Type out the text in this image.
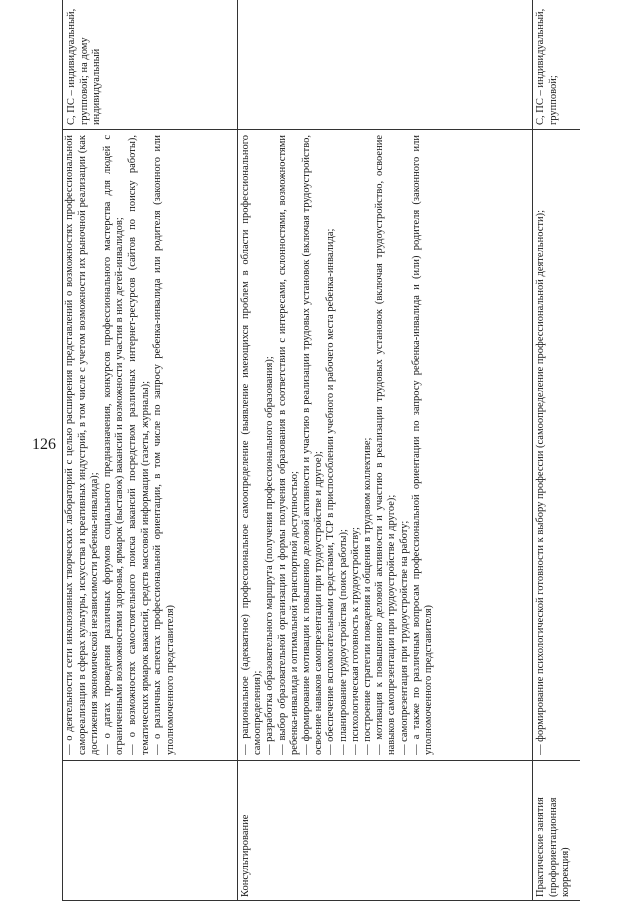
126 — о деятельности сети инклюзивных творческих лабораторий с целью расширения представлений о возможностях профессиональной самореализации в сферах культуры, искусства и креативных индустрий, в том числе с учетом возможности их рыночной реализации (как достижения экономической независимости ребенка-инвалида); — о датах проведения различных форумов социального предназначения, конкурсов профессионального мастерства для людей с ограниченными возможностями здоровья, ярмарок (выставок) вакансий и возможности участия в них детей-инвалидов; — о возможностях самостоятельного поиска вакансий посредством различных интернет-ресурсов (сайтов по поиску работы), тематических ярмарок вакансий, средств массовой информации (газеты, журналы); — о различных аспектах профессиональной ориентации, в том числе по запросу ребенка-инвалида или родителя (законного или уполномоченного представителя)

С, ПС – индивидуальный, групповой; на дому индивидуальный
Консультирование

— рациональное (адекватное) профессиональное самоопределение (выявление имеющихся проблем в области профессионального самоопределения); — разработка образовательного маршрута (получения профессионального образования); — выбор образовательной организации и формы получения образования в соответствии с интересами, склонностями, возможностями ребенка-инвалида и оптимальной транспортной доступностью; — формирование мотивации к повышению деловой активности и участию в реализации трудовых установок (включая трудоустройство, освоение навыков самопрезентации при трудоустройстве и другое); — обеспечение вспомогательными средствами, ТСР в приспособлении учебного и рабочего места ребенка-инвалида; — планирование трудоустройства (поиск работы); — психологическая готовность к трудоустройству; — построение стратегии поведения и общения в трудовом коллективе; — мотивация к повышению деловой активности и участию в реализации трудовых установок (включая трудоустройство, освоение навыков самопрезентации при трудоустройстве и другое); — самопрезентация при трудоустройстве на работу; — а также по различным вопросам профессиональной ориентации по запросу ребенка-инвалида и (или) родителя (законного или уполномоченного представителя)

Практические занятия (профориентационная коррекция)

— формирование психологической готовности к выбору профессии (самоопределение профессиональной деятельности);

С, ПС – индивидуальный, групповой;
